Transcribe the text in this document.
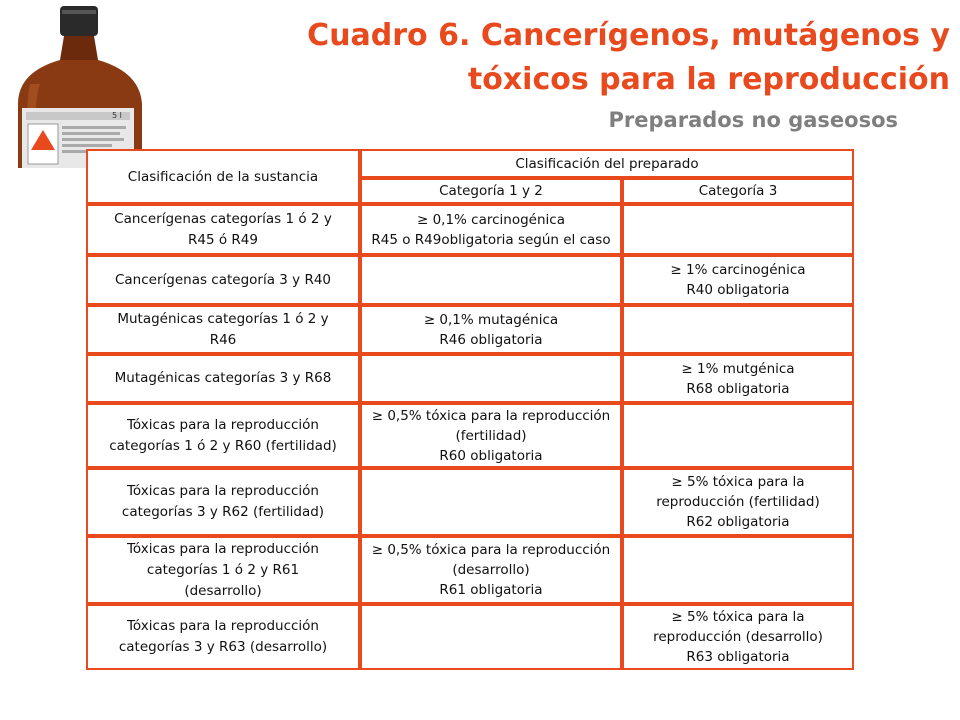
5 l
Cuadro 6. Cancerígenos, mutágenos y
tóxicos para la reproducción
Preparados no gaseosos
Clasificación de la sustancia
Clasificación del preparado
Categoría 1 y 2	Categoría 3
Cancerígenas categorías 1 ó 2 y
R45 ó R49
≥ 0,1% carcinogénica
R45 o R49obligatoria según el caso
Cancerígenas categoría 3 y R40
≥ 1% carcinogénica
R40 obligatoria
Mutagénicas categorías 1 ó 2 y
R46
≥ 0,1% mutagénica
R46 obligatoria
Mutagénicas categorías 3 y R68
≥ 1% mutgénica
R68 obligatoria
Tóxicas para la reproducción
categorías 1 ó 2 y R60 (fertilidad)
≥ 0,5% tóxica para la reproducción
(fertilidad)
R60 obligatoria
Tóxicas para la reproducción
categorías 3 y R62 (fertilidad)
≥ 5% tóxica para la
reproducción (fertilidad)
R62 obligatoria
Tóxicas para la reproducción
categorías 1 ó 2 y R61
(desarrollo)
≥ 0,5% tóxica para la reproducción
(desarrollo)
R61 obligatoria
Tóxicas para la reproducción
categorías 3 y R63 (desarrollo)
≥ 5% tóxica para la
reproducción (desarrollo)
R63 obligatoria
